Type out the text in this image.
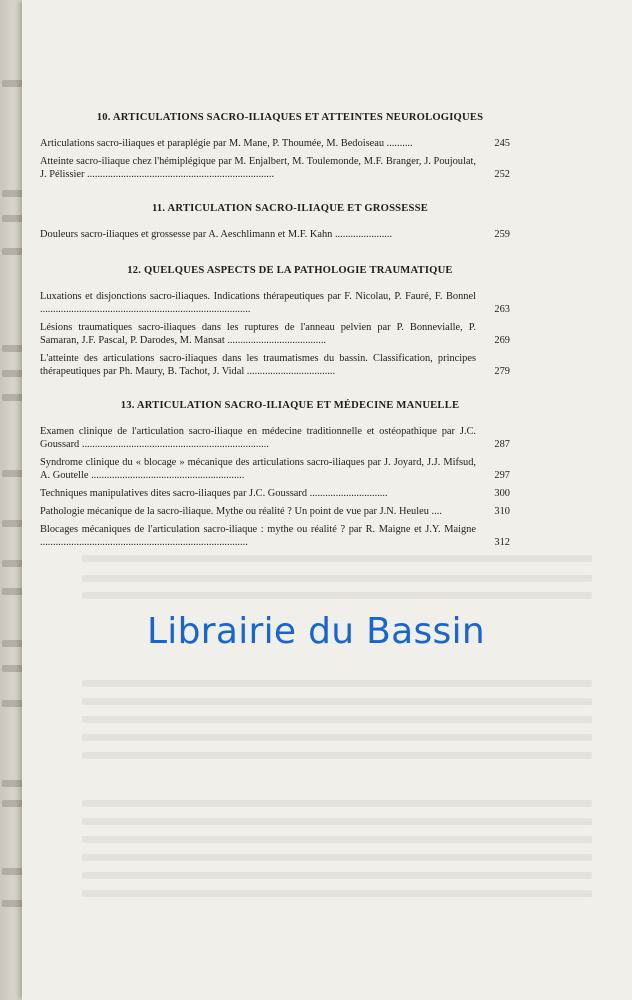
10. ARTICULATIONS SACRO-ILIAQUES ET ATTEINTES NEUROLOGIQUES
Articulations sacro-iliaques et paraplégie par M. Mane, P. Thoumée, M. Bedoiseau ..........	245
Atteinte sacro-iliaque chez l'hémiplégique par M. Enjalbert, M. Toulemonde, M.F. Branger, J. Poujoulat, J. Pélissier ........................................................................	252
11. ARTICULATION SACRO-ILIAQUE ET GROSSESSE
Douleurs sacro-iliaques et grossesse par A. Aeschlimann et M.F. Kahn ......................	259
12. QUELQUES ASPECTS DE LA PATHOLOGIE TRAUMATIQUE
Luxations et disjonctions sacro-iliaques. Indications thérapeutiques par F. Nicolau, P. Fauré, F. Bonnel .................................................................................	263
Lésions traumatiques sacro-iliaques dans les ruptures de l'anneau pelvien par P. Bonnevialle, P. Samaran, J.F. Pascal, P. Darodes, M. Mansat ......................................	269
L'atteinte des articulations sacro-iliaques dans les traumatismes du bassin. Classification, principes thérapeutiques par Ph. Maury, B. Tachot, J. Vidal ..................................	279
13. ARTICULATION SACRO-ILIAQUE ET MÉDECINE MANUELLE
Examen clinique de l'articulation sacro-iliaque en médecine traditionnelle et ostéopathique par J.C. Goussard ........................................................................	287
Syndrome clinique du « blocage » mécanique des articulations sacro-iliaques par J. Joyard, J.J. Mifsud, A. Goutelle ...........................................................	297
Techniques manipulatives dites sacro-iliaques par J.C. Goussard ..............................	300
Pathologie mécanique de la sacro-iliaque. Mythe ou réalité ? Un point de vue par J.N. Heuleu ....	310
Blocages mécaniques de l'articulation sacro-iliaque : mythe ou réalité ? par R. Maigne et J.Y. Maigne ................................................................................	312
Librairie du Bassin
